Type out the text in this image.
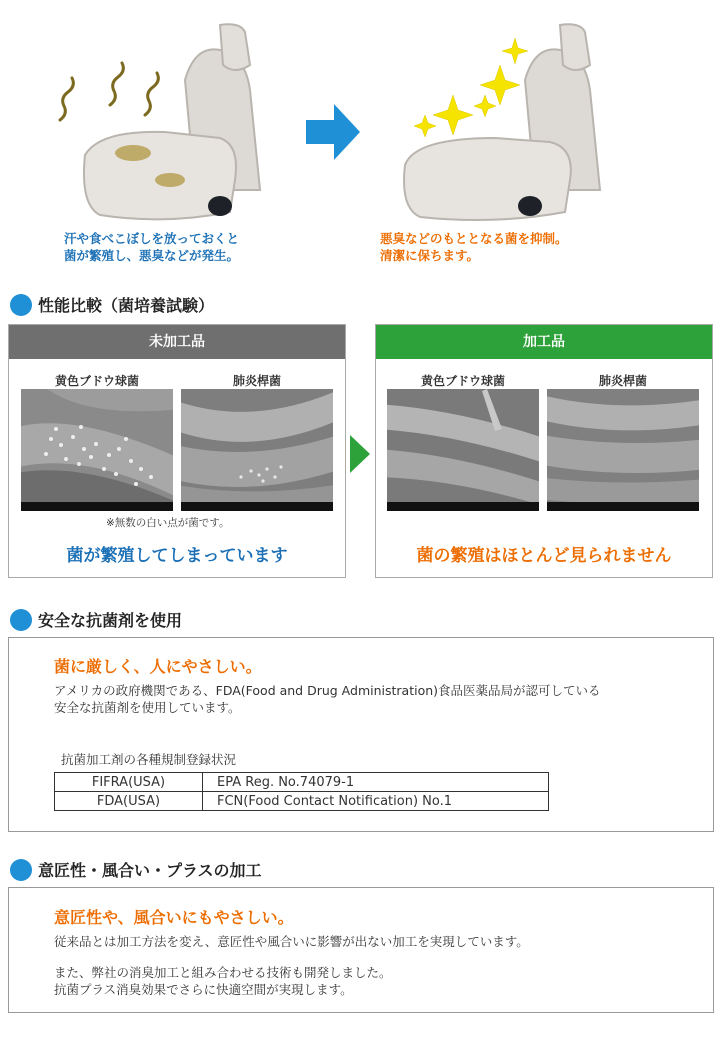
汗や食べこぼしを放っておくと
菌が繁殖し、悪臭などが発生。
悪臭などのもととなる菌を抑制。
清潔に保ちます。
性能比較（菌培養試験）
未加工品
黄色ブドウ球菌	肺炎桿菌
※無数の白い点が菌です。
菌が繁殖してしまっています
加工品
黄色ブドウ球菌	肺炎桿菌
菌の繁殖はほとんど見られません
安全な抗菌剤を使用
菌に厳しく、人にやさしい。
アメリカの政府機関である、FDA(Food and Drug Administration)食品医薬品局が認可している
安全な抗菌剤を使用しています。
抗菌加工剤の各種規制登録状況
FIFRA(USA)	EPA Reg. No.74079-1
FDA(USA)	FCN(Food Contact Notification) No.1
意匠性・風合い・プラスの加工
意匠性や、風合いにもやさしい。
従来品とは加工方法を変え、意匠性や風合いに影響が出ない加工を実現しています。
また、弊社の消臭加工と組み合わせる技術も開発しました。
抗菌プラス消臭効果でさらに快適空間が実現します。
